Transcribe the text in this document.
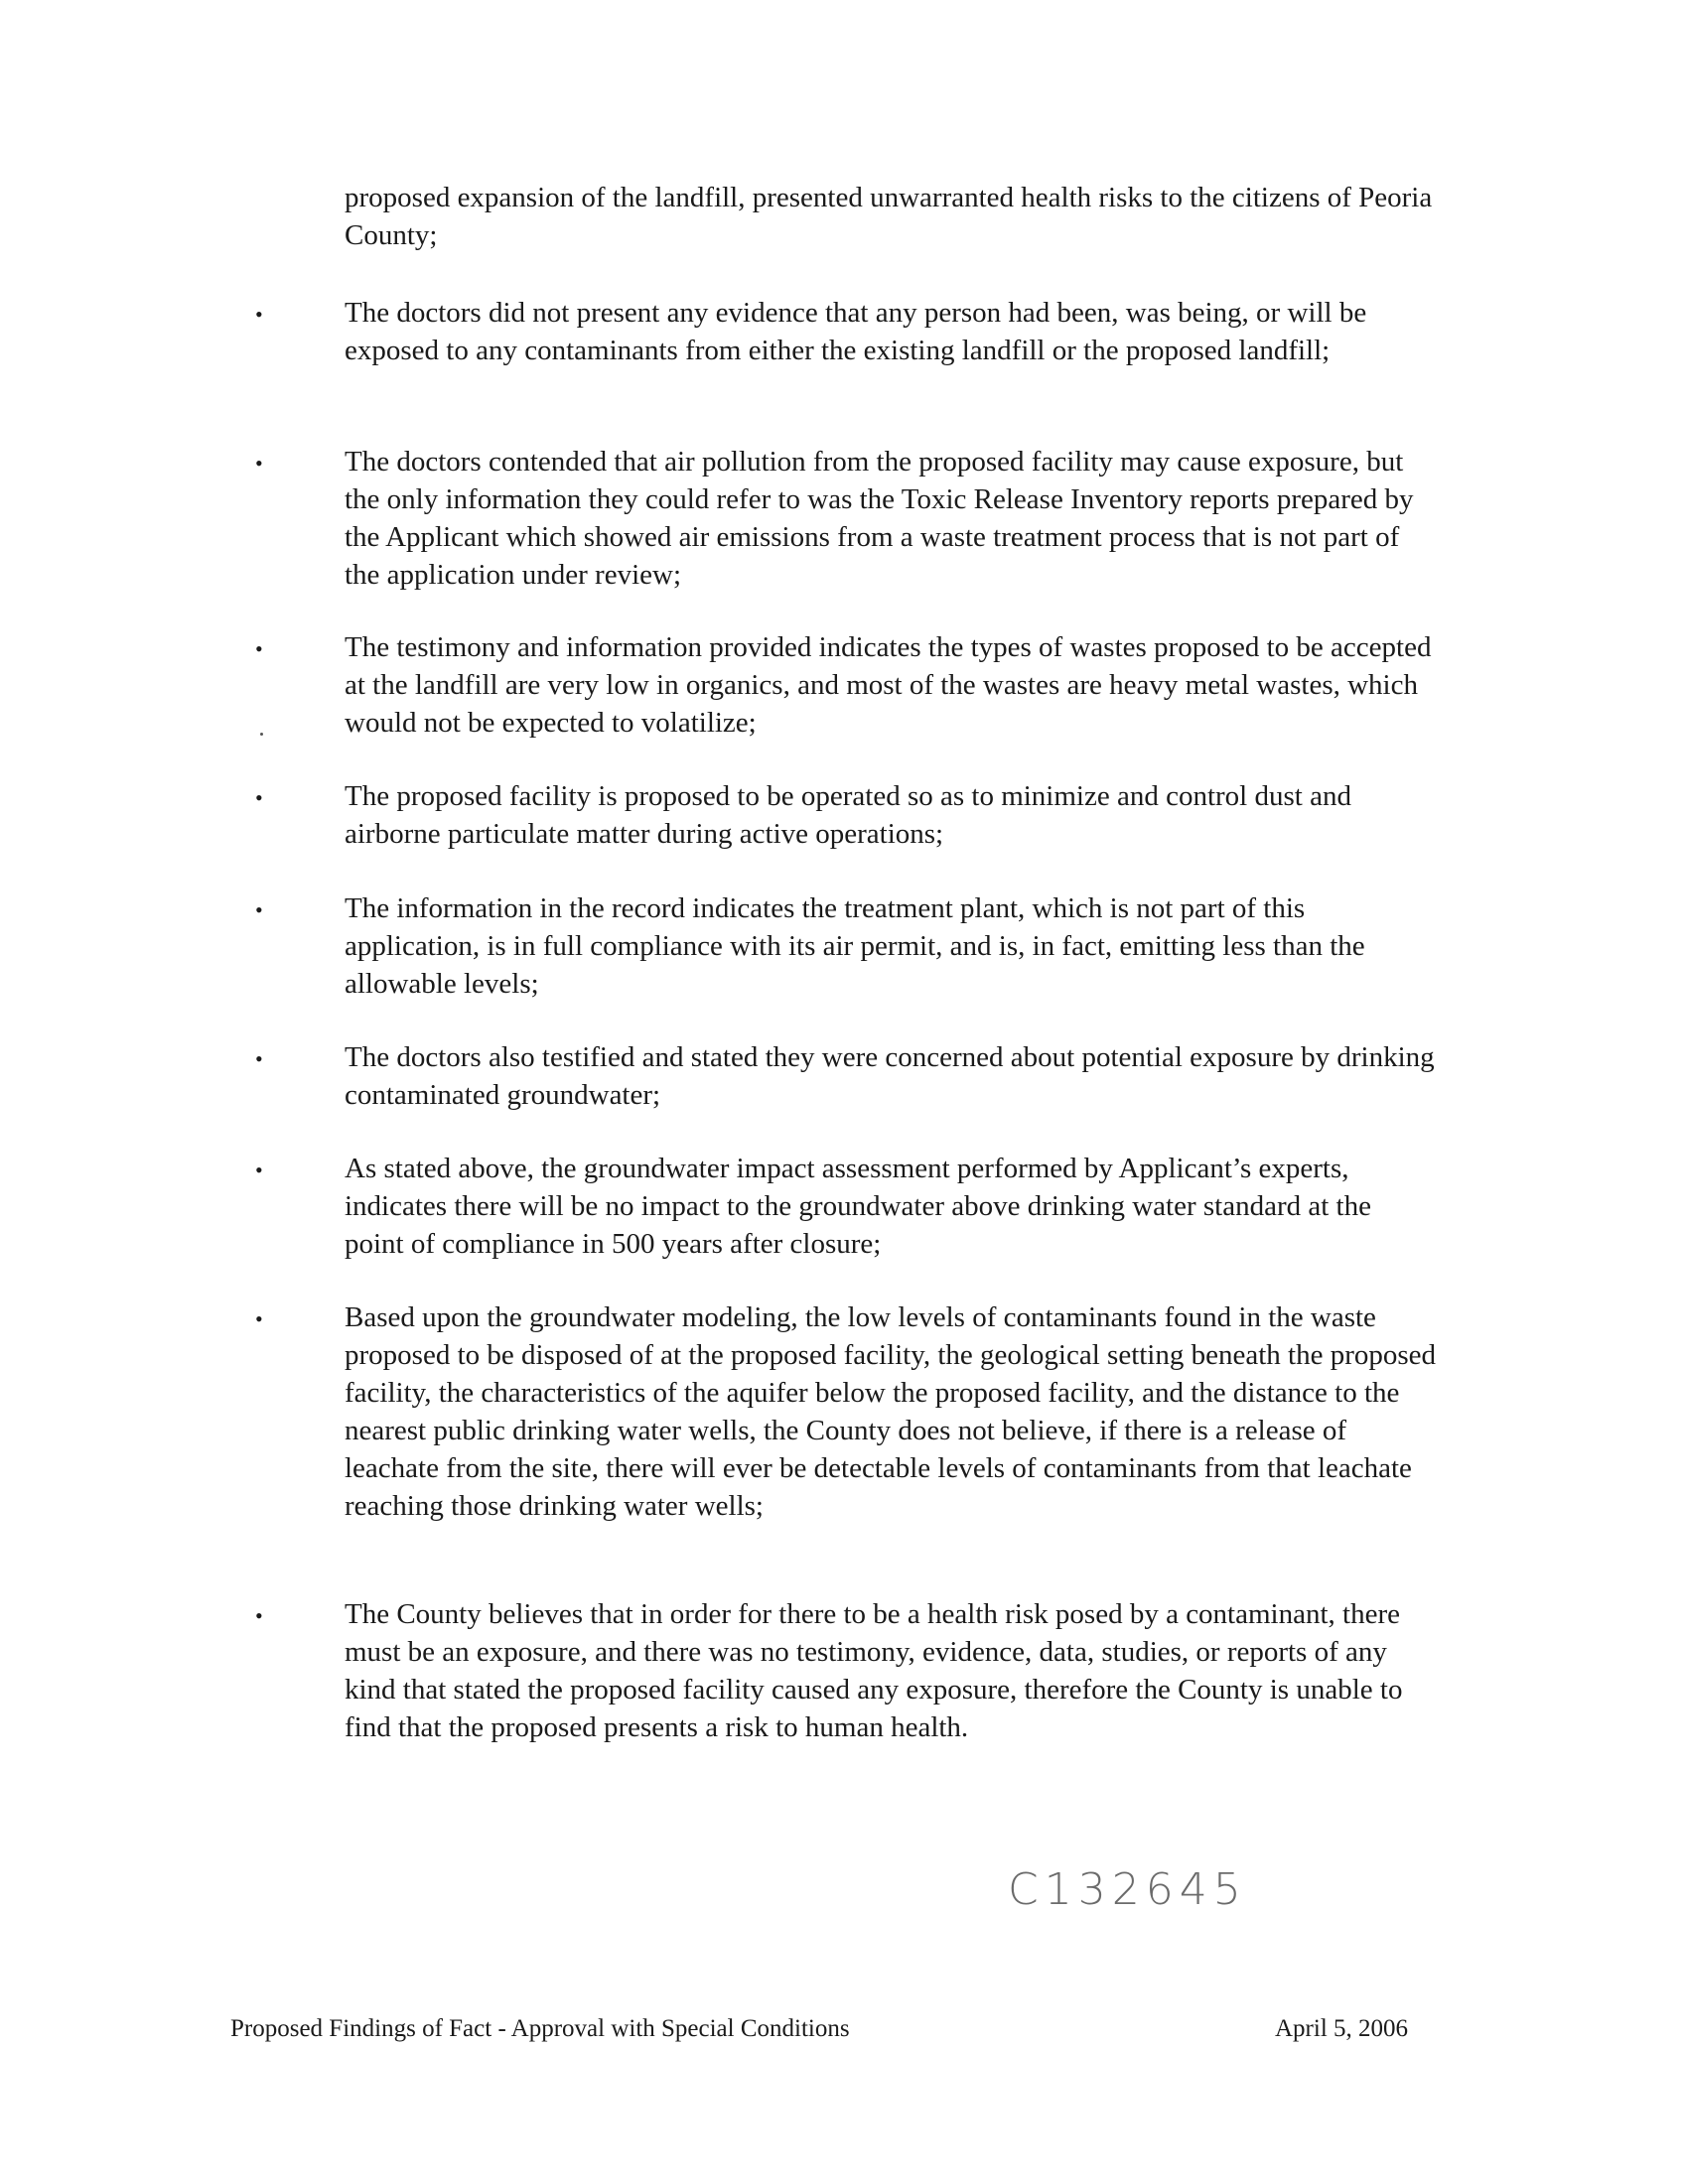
proposed expansion of the landfill, presented unwarranted health risks to the citizens of Peoria County;

•	The doctors did not present any evidence that any person had been, was being, or will be exposed to any contaminants from either the existing landfill or the proposed landfill;
•	The doctors contended that air pollution from the proposed facility may cause exposure, but the only information they could refer to was the Toxic Release Inventory reports prepared by the Applicant which showed air emissions from a waste treatment process that is not part of the application under review;
•	The testimony and information provided indicates the types of wastes proposed to be accepted at the landfill are very low in organics, and most of the wastes are heavy metal wastes, which would not be expected to volatilize;
•	The proposed facility is proposed to be operated so as to minimize and control dust and airborne particulate matter during active operations;
•	The information in the record indicates the treatment plant, which is not part of this application, is in full compliance with its air permit, and is, in fact, emitting less than the allowable levels;
•	The doctors also testified and stated they were concerned about potential exposure by drinking contaminated groundwater;
•	As stated above, the groundwater impact assessment performed by Applicant’s experts, indicates there will be no impact to the groundwater above drinking water standard at the point of compliance in 500 years after closure;
•	Based upon the groundwater modeling, the low levels of contaminants found in the waste proposed to be disposed of at the proposed facility, the geological setting beneath the proposed facility, the characteristics of the aquifer below the proposed facility, and the distance to the nearest public drinking water wells, the County does not believe, if there is a release of leachate from the site, there will ever be detectable levels of contaminants from that leachate reaching those drinking water wells;
•	The County believes that in order for there to be a health risk posed by a contaminant, there must be an exposure, and there was no testimony, evidence, data, studies, or reports of any kind that stated the proposed facility caused any exposure, therefore the County is unable to find that the proposed presents a risk to human health.
C132645
Proposed Findings of Fact - Approval with Special Conditions	April 5, 2006
